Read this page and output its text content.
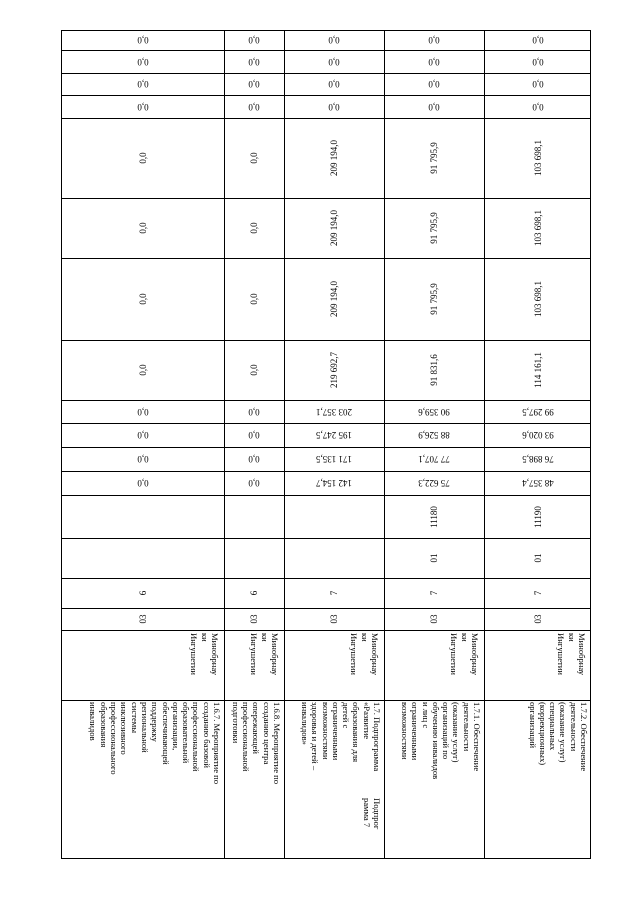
0,0
0,0
0,0
0,0
0,0
0,0
0,0
0,0
0,0
0,0
0,0
0,0
6
03
Минобрнау
ки
Ингушетии
1.6.7. Мероприятие по
созданию базовой
профессиональной
образовательной
организации,
обеспечивающей
поддержку
региональной
системы
инклюзивного
профессионального
образования
инвалидов
0,0
0,0
0,0
0,0
0,0
0,0
0,0
0,0
0,0
0,0
0,0
0,0
6
03
Минобрнау
ки
Ингушетии
1.6.8. Мероприятие по
созданию центра
опережающей
профессиональной
подготовки
0,0
0,0
0,0
0,0
209 194,0
209 194,0
209 194,0
219 692,7
203 357,1
195 247,5
171 135,5
142 154,7
7
03
Минобрнау
ки
Ингушетии
1.7. Подпрограмма
«Развитие
образования для
детей с
ограниченными
возможностями
здоровья и детей –
инвалидов»
Подпрог
рамма 7
0,0
0,0
0,0
0,0
91 795,9
91 795,9
91 795,9
91 831,6
90 359,6
88 526,9
77 707,1
75 622,3
11180
01
7
03
Минобрнау
ки
Ингушетии
1.7.1. Обеспечение
деятельности
(оказание услуг)
организаций по
обучению инвалидов
и лиц с
ограниченными
возможностями
0,0
0,0
0,0
0,0
103 698,1
103 698,1
103 698,1
114 161,1
99 297,5
93 020,6
76 898,5
48 357,4
11190
01
7
03
Минобрнау
ки
Ингушетии
1.7.2. Обеспечение
деятельности
(оказание услуг)
специальных
(коррекционных)
организаций
